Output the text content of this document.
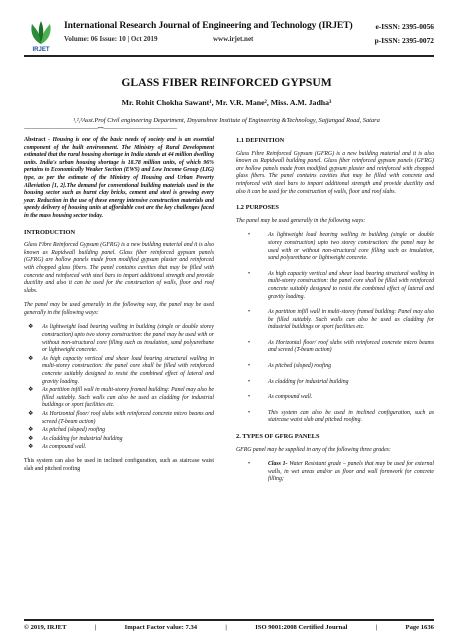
IRJET
International Research Journal of Engineering and Technology (IRJET)
Volume: 06 Issue: 10 | Oct 2019	www.irjet.net
e-ISSN: 2395-0056
p-ISSN: 2395-0072
GLASS FIBER REINFORCED GYPSUM
Mr. Rohit Chokha Sawant¹, Mr. V.R. Mane², Miss. A.M. Jadha³
¹,²,³Asst.Prof Civil engineering Department, Dnyanshree Institute of Engineering &Technology, Sajjangad Road, Satara
---------------------------------------------------------------------***---------------------------------------------------------------------

Abstract - Housing is one of the basic needs of society and is an essential component of the built environment. The Ministry of Rural Development estimated that the rural housing shortage in India stands at 44 million dwelling units. India's urban housing shortage is 18.78 million units, of which 96% pertains to Economically Weaker Section (EWS) and Low Income Group (LIG) type, as per the estimate of the Ministry of Housing and Urban Poverty Alleviation [1, 2].The demand for conventional building materials used in the housing sector such as burnt clay bricks, cement and steel is growing every year. Reduction in the use of these energy intensive construction materials and speedy delivery of housing units at affordable cost are the key challenges faced in the mass housing sector today.

INTRODUCTION

Glass Fibre Reinforced Gypsum (GFRG) is a new building material and it is also known as Rapidwall building panel. Glass fiber reinforced gypsum panels (GFRG) are hollow panels made from modified gypsum plaster and reinforced with chopped glass fibers. The panel contains cavities that may be filled with concrete and reinforced with steel bars to impart additional strength and provide ductility and also it can be used for the construction of walls, floor and roof slabs.

The panel may be used generally in the following way, the panel may be used generally in the following ways:

❖ As lightweight load bearing walling in building (single or double storey construction) upto two storey construction: the panel may be used with or without non-structural core filling such as insulation, sand polyurethane or lightweight concrete.
❖ As high capacity vertical and shear load bearing structural walling in multi-storey construction: the panel core shall be filled with reinforced concrete suitably designed to resist the combined effect of lateral and gravity loading.
❖ As partition infill wall in multi-storey framed building: Panel may also be filled suitably. Such walls can also be used as cladding for industrial buildings or sport facilities etc.
❖ As Horizontal floor/ roof slabs with reinforced concrete micro beams and screed (T-beam action)
❖ As pitched (sloped) roofing
❖ As cladding for industrial building
❖ As compound wall.

This system can also be used in inclined configuration, such as staircase waist slab and pitched roofing

1.1 DEFINITION

Glass Fibre Reinforced Gypsum (GFRG) is a new building material and it is also known as Rapidwall building panel. Glass fiber reinforced gypsum panels (GFRG) are hollow panels made from modified gypsum plaster and reinforced with chopped glass fibers. The panel contains cavities that may be filled with concrete and reinforced with steel bars to impart additional strength and provide ductility and also it can be used for the construction of walls, floor and roof slabs.

1.2 PURPOSES

The panel may be used generally in the following ways:

•	As lightweight load bearing walling in building (single or double storey construction) upto two storey construction: the panel may be used with or without non-structural core filling such as insulation, sand polyurethane or lightweight concrete.
•	As high capacity vertical and shear load bearing structural walling in multi-storey construction: the panel core shall be filled with reinforced concrete suitably designed to resist the combined effect of lateral and gravity loading.
•	As partition infill wall in multi-storey framed building: Panel may also be filled suitably. Such walls can also be used as cladding for industrial buildings or sport facilities etc.
•	As Horizontal floor/ roof slabs with reinforced concrete micro beams and screed (T-beam action)
•	As pitched (sloped) roofing
•	As cladding for industrial building
•	As compound wall.
•	This system can also be used in inclined configuration, such as staircase waist slab and pitched roofing.
2. TYPES OF GFRG PANELS

GFRG panel may be supplied in any of the following three grades:

•	Class 1- Water Resistant grade – panels that may be used for external walls, in wet areas and/or as floor and wall formwork for concrete filling;
© 2019, IRJET	|	Impact Factor value: 7.34	|	ISO 9001:2008 Certified Journal	|	Page 1636
